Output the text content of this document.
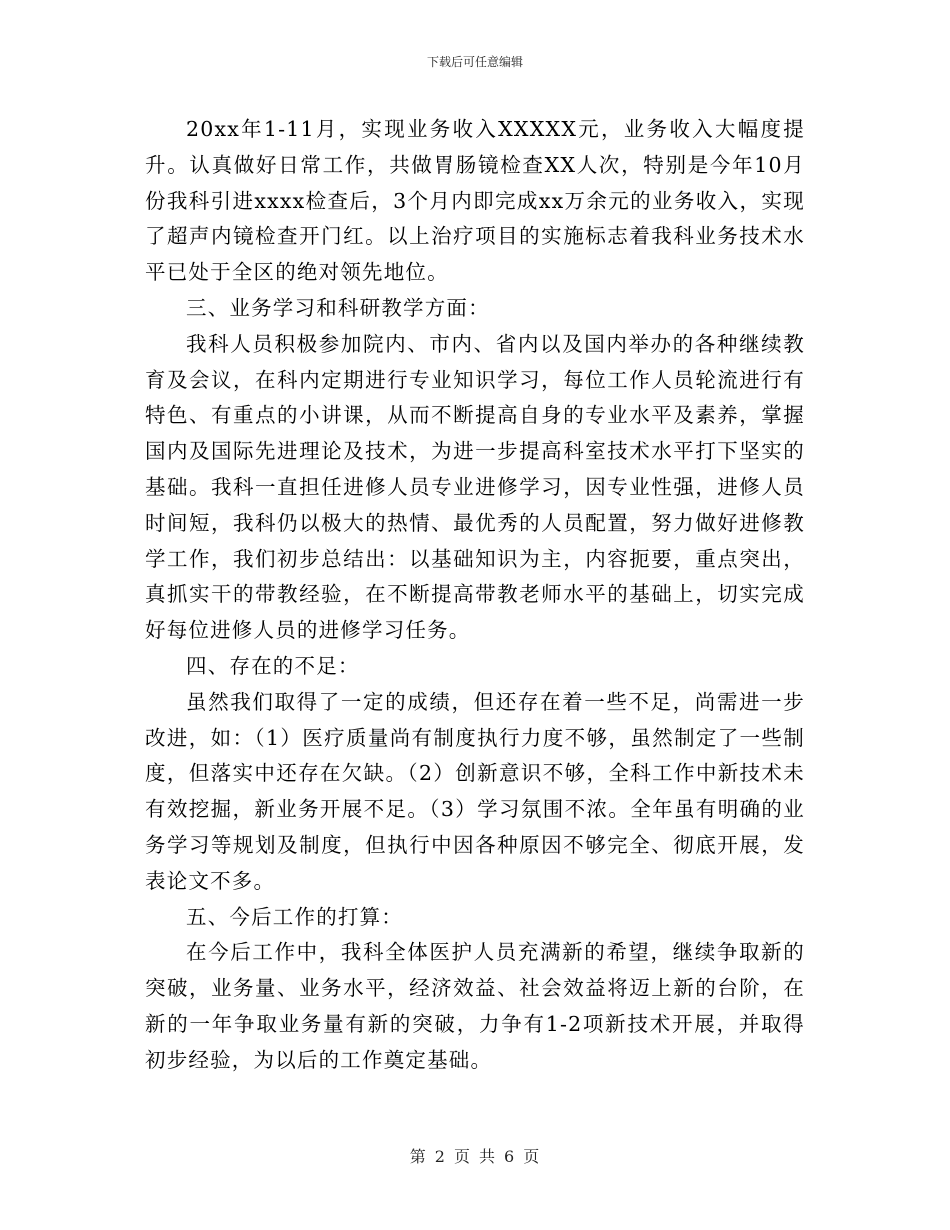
下载后可任意编辑

20xx年1-11月，实现业务收入XXXXX元，业务收入大幅度提升。认真做好日常工作，共做胃肠镜检查XX人次，特别是今年10月份我科引进xxxx检查后，3个月内即完成xx万余元的业务收入，实现了超声内镜检查开门红。以上治疗项目的实施标志着我科业务技术水平已处于全区的绝对领先地位。

三、业务学习和科研教学方面：

我科人员积极参加院内、市内、省内以及国内举办的各种继续教育及会议，在科内定期进行专业知识学习，每位工作人员轮流进行有特色、有重点的小讲课，从而不断提高自身的专业水平及素养，掌握国内及国际先进理论及技术，为进一步提高科室技术水平打下坚实的基础。我科一直担任进修人员专业进修学习，因专业性强，进修人员时间短，我科仍以极大的热情、最优秀的人员配置，努力做好进修教学工作，我们初步总结出：以基础知识为主，内容扼要，重点突出，真抓实干的带教经验，在不断提高带教老师水平的基础上，切实完成好每位进修人员的进修学习任务。

四、存在的不足：

虽然我们取得了一定的成绩，但还存在着一些不足，尚需进一步改进，如：（1）医疗质量尚有制度执行力度不够，虽然制定了一些制度，但落实中还存在欠缺。（2）创新意识不够，全科工作中新技术未有效挖掘，新业务开展不足。（3）学习氛围不浓。全年虽有明确的业务学习等规划及制度，但执行中因各种原因不够完全、彻底开展，发表论文不多。

五、今后工作的打算：

在今后工作中，我科全体医护人员充满新的希望，继续争取新的突破，业务量、业务水平，经济效益、社会效益将迈上新的台阶，在新的一年争取业务量有新的突破，力争有1-2项新技术开展，并取得初步经验，为以后的工作奠定基础。

第 2 页 共 6 页
